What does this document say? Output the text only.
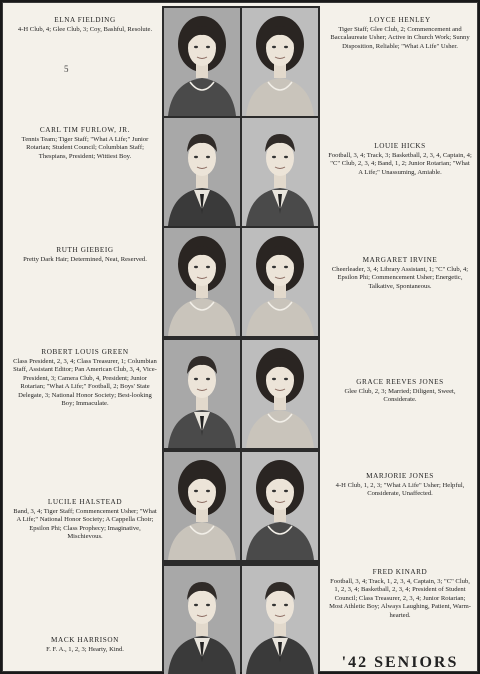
5
ELNA FIELDING
4-H Club, 4; Glee Club, 3; Coy, Bashful, Resolute.
CARL TIM FURLOW, JR.
Tennis Team; Tiger Staff; "What A Life;" Junior Rotarian; Student Council; Columbian Staff; Thespians, President; Wittiest Boy.
RUTH GIEBEIG
Pretty Dark Hair; Determined, Neat, Reserved.
ROBERT LOUIS GREEN
Class President, 2, 3, 4; Class Treasurer, 1; Columbian Staff, Assistant Editor; Pan American Club, 3, 4, Vice-President, 3; Camera Club, 4, President; Junior Rotarian; "What A Life;" Football, 2; Boys' State Delegate, 3; National Honor Society; Best-looking Boy; Immaculate.
LUCILE HALSTEAD
Band, 3, 4; Tiger Staff; Commencement Usher; "What A Life;" National Honor Society; A Cappella Choir; Epsilon Phi; Class Prophecy; Imaginative, Mischievous.
MACK HARRISON
F. F. A., 1, 2, 3; Hearty, Kind.
LOYCE HENLEY
Tiger Staff; Glee Club, 2; Commencement and Baccalaureate Usher; Active in Church Work; Sunny Disposition, Reliable; "What A Life" Usher.
LOUIE HICKS
Football, 3, 4; Track, 3; Basketball, 2, 3, 4, Captain, 4; "C" Club, 2, 3, 4; Band, 1, 2; Junior Rotarian; "What A Life;" Unassuming, Amiable.
MARGARET IRVINE
Cheerleader, 3, 4; Library Assistant, 1; "C" Club, 4; Epsilon Phi; Commencement Usher; Energetic, Talkative, Spontaneous.
GRACE REEVES JONES
Glee Club, 2, 3; Married; Diligent, Sweet, Considerate.
MARJORIE JONES
4-H Club, 1, 2, 3; "What A Life" Usher; Helpful, Considerate, Unaffected.
FRED KINARD
Football, 3, 4; Track, 1, 2, 3, 4, Captain, 3; "C" Club, 1, 2, 3, 4; Basketball, 2, 3, 4; President of Student Council; Class Treasurer, 2, 3, 4; Junior Rotarian; Most Athletic Boy; Always Laughing, Patient, Warm-hearted.
'42 SENIORS
